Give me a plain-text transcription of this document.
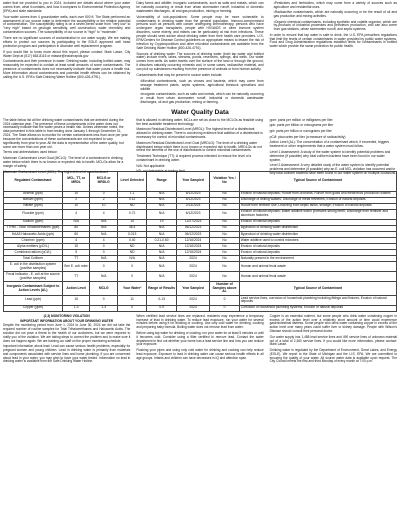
water that we provided to you in 2024. Included are details about where your water comes from, what it contains, and how it compares to Environmental Protection Agency (EPA) and state standards.

Your water comes from 4 groundwater wells, each over 500 ft. The State performed an assessment of our source water to determine the susceptibility or the relative potential of contamination. The susceptibility rating is on a seven-tiered scale from "very low" to "very high" based on geologic sensitivity, well construction, water chemistry and contamination sources. The susceptibility of our source is "high" to "moderate."

There are no significant sources of contamination in our water supply. We are making efforts to protect our sources by participating in the EGLE approved well head protection program and participation in Abandon well replacement program.

If you would like to know more about this report, please contact: Mark Lasse, City Water Dept at (517) 663-8116 or mlasse@eatonrapids.gov

Contaminants and their presence in water: Drinking water, including bottled water, may reasonably be expected to contain at least small amounts of some contaminants. The presence of contaminants does not necessarily indicate that water poses a health risk. More information about contaminants and potential health effects can be obtained by calling the U.S. EPA's Safe Drinking Water Hotline (800-426-4791).

Dairy farms and wildlife; Inorganic contaminants, such as salts and metals, which can be naturally occurring or result from urban stormwater runoff, industrial or domestic wastewater discharges, oil and gas production, mining or farming.

Vulnerability of sub-populations: Some people may be more vulnerable to contaminants in drinking water than the general population. Immuno-compromised persons such as persons with cancer undergoing chemotherapy, persons who have undergone organ transplants, people with HIV/AIDS or other immune system disorders, some elderly, and infants can be particularly at risk from infections. These people should seek advice about drinking water from their health care providers. U.S. EPA/Centers for Disease Control guidelines on appropriate means to lessen the risk of infection by Cryptosporidium and other microbial contaminants are available from the Safe Drinking Water Hotline (800-426-4791).

Sources of drinking water: The sources of drinking water (both tap water and bottled water) include rivers, lakes, streams, ponds, reservoirs, springs, and wells. Our water comes from wells. As water travels over the surface of the land or through the ground, it dissolves naturally occurring minerals and, in some cases, radioactive material, and can pick up substances resulting from the presence of animals or from human activity.

Contaminants that may be present in source water include:

• Microbial contaminants, such as viruses and bacteria, which may come from sewage treatment plants, septic systems, agricultural livestock operations and wildlife.
• Inorganic contaminants, such as salts and metals, which can be naturally occurring or result from urban stormwater runoff, industrial or domestic wastewater discharges, oil and gas production, mining or farming.
• Pesticides and herbicides, which may come from a variety of sources such as agriculture and residential uses.
• Radioactive contaminants, which are naturally occurring or be the result of oil and gas production and mining activities.
• Organic chemical contaminants, including synthetic and volatile organics, which are by-products of industrial processes and petroleum production, and can also come from gas stations, urban stormwater runoff, and septic systems.

In order to ensure that tap water is safe to drink, the U.S. EPA prescribes regulations that limit the levels of certain contaminants in water provided by public water systems. Food and Drug Administration regulations establish limits for contaminants in bottled water which provide the same protection for public health.

Water Quality Data

The table below list all the drinking water contaminants that we detected during the 2024 calendar year. The presence of these contaminants in the water does not necessarily indicate that the water poses a health risk. Unless otherwise noted, the data presented in this table is from testing done January 1 through December 31, 2024. The State allows us to monitor for certain contaminants less than once per year because the concentrations of these contaminants are not expected to vary significantly from year to year. All the data is representative of the water quality, but some are more than one year old.

Terms and abbreviations used below:

Maximum Contaminant Level Goal (MCLG): The level of a contaminant in drinking water below which there is no known or expected risk to health. MCLGs allow for a margin of safety.

Maximum Contaminant Level (MCL): The highest level of a contaminant

that is allowed in drinking water. MCLs are set as close to the MCLGs as feasible using the best available treatment technology.

Maximum Residual Disinfectant Level (MRDL): The highest level of a disinfectant allowed in drinking water. There is convincing evidence that addition of a disinfectant is necessary for control of microbial contaminants.

Maximum Residual Disinfectant Level Goal (MRDLG): The level of a drinking water disinfectant below which there is no known or expected risk to health. MRDLGs do not reflect the benefits of the use of disinfectants to control microbial contaminants.

Treatment Technique (TT): A required process intended to reduce the level of a contaminant in drinking water.

N/A: Not applicable

ND: not detectable at testing limit

ppm: parts per million or milligrams per liter

ppb: parts per billion or micrograms per liter

ppt: parts per trillion or nanograms per liter

pCi/l: picocuries per liter (a measure of radioactivity)

Action Level (AL): The concentration of a contaminant which, if exceeded, triggers treatment or other requirements that a water system must follow.

Level 1 Assessment: A study of the water system to identify potential problems and determine (if possible) why total coliform bacteria have been found in our water system.

Level 2 Assessment: A very detailed study of the water system to identify potential problems and determine (if possible) why an E. coli MCL violation has occurred and/or why total coliform bacteria have been found in our water system on multiple occasions.

Regulated Contaminant	MCL, TT, or MRDL	MCLG or MRDLG	Level Detected	Range	Year Sampled	Violation Yes / No	Typical Source of Contaminant
Arsenic (ppb)	10	0	1.1	N/A	6/12/2023	No	Erosion of natural deposits; Runoff from orchards; Runoff from glass and electronics production wastes
Barium (ppm)	2	2	0.12	N/A	6/12/2023	No	Discharge of drilling wastes; Discharge of metal refineries; Erosion of natural deposits
Nitrate (ppm)	10	10	ND	N/A	2/13/2024	No	Runoff from fertilizer use; Leaching from septic tanks, sewage; Erosion of natural deposits
Fluoride (ppm)	4	4	0.72	N/A	6/12/2023	No	Erosion of natural deposits; Water additive which promotes strong teeth; Discharge from fertilizer and aluminum factories
Sodium (ppm)	N/A	N/A	14	19	12/27/2023	No	Erosion of natural deposits
TTHM - Total Trihalomethanes (ppb)	80	N/A	36.4	N/A	06/12/2023	No	Byproduct of drinking water disinfection
HAA5 Haloacetic Acids (ppb)	60	N/A	0.013	N/A	06/12/2023	No	Byproduct of drinking water disinfection
Chlorine¹ (ppm)	4	4	0.40	0.21-0.60	12/16/2024	No	Water additive used to control microbes
Alpha emitters (pCi/L)	15	0	ND	N/A	12/16/2024	No	Erosion of natural deposits
Combined radium (pCi/L)	5	0	ND	N/A	12/16/2024	No	Erosion of natural deposits
Total Coliform	TT	N/A	N/A	N/A	2024	No	Naturally present in the environment
E. coli in the distribution system (positive samples)	See E. coli note²	0	0	N/A	2024	No	Human and animal fecal waste
Fecal Indicator - E. coli at the source (positive samples)	TT	N/A	0	N/A	2024	No	Human and animal fecal waste
Inorganic Contaminant Subject to Action Levels (AL)	Action Level	MCLG	Your Water³	Range of Results	Year Sampled	Number of Samples above AL	Typical Source of Contaminant
Lead (ppb)	15	0	11	0-13	2024	0	Lead service lines, corrosion of household plumbing including fittings and fixtures; Erosion of natural deposits
Copper (ppm)	1.3	1.3	0	0.9	2024	0	Corrosion of household plumbing systems; Erosion of natural deposits
(2,3) MONITORING VIOLATION
IMPORTANT INFORMATION ABOUT YOUR DRINKING WATER

Despite the monitoring period from June 1, 2024 to June 30, 2024 we did not take the required number of routine samples for Total Trihalomethanes and Haloacetic Acids. The solution did not pose a threat to the health of our customers, but we were required to notify you of the violation. We are taking steps to correct the problem and to make sure it does not happen again. We are training our staff on the proper monitoring schedule.

Important information about lead: Lead can cause serious health problems, especially for pregnant women and young children. Lead in drinking water is primarily from materials and components associated with service lines and home plumbing. If you are concerned about lead in your water, you may wish to have your water tested. Information on lead in drinking water is available from the Safe Drinking Water Hotline.

When certified lead service lines are replaced, residents may experience a temporary increase of lead in drinking water. To reduce lead exposure, run your water for several minutes before using it for drinking or cooking. Use only cold water for drinking, cooking and preparing baby formula. Boiling water does not remove lead from water.

Before using tap water for drinking or cooking, run your water for at least 5 minutes or until it becomes cold. Consider using a filter certified to remove lead. Contact the water department to find out whether your home has a lead service line and how you can reduce your exposure.

Flushing your pipes and using only cold water for drinking and cooking can help reduce lead exposure. Exposure to lead in drinking water can cause serious health effects in all age groups. Infants and children can have decreases in IQ and attention span.

Copper is an essential nutrient, but some people who drink water containing copper in excess of the action level over a relatively short amount of time could experience gastrointestinal distress. Some people who drink water containing copper in excess of the action level over many years could suffer liver or kidney damage. People with Wilson's Disease should consult their personal doctor.

Our water supply has 1,488 lead service lines and 490 service lines of unknown material out of a total of 2,360 service lines. If you would like more information, please contact: Mark Lasse.

Drinking water is regulated by the Department of Environment, Great Lakes, and Energy (EGLE). We report to the State of Michigan and the U.S. EPA. We are committed to ensuring the quality of your water. All source water data is available upon request. The City Council meets the first and third Monday of every month at 7:00 p.m.
